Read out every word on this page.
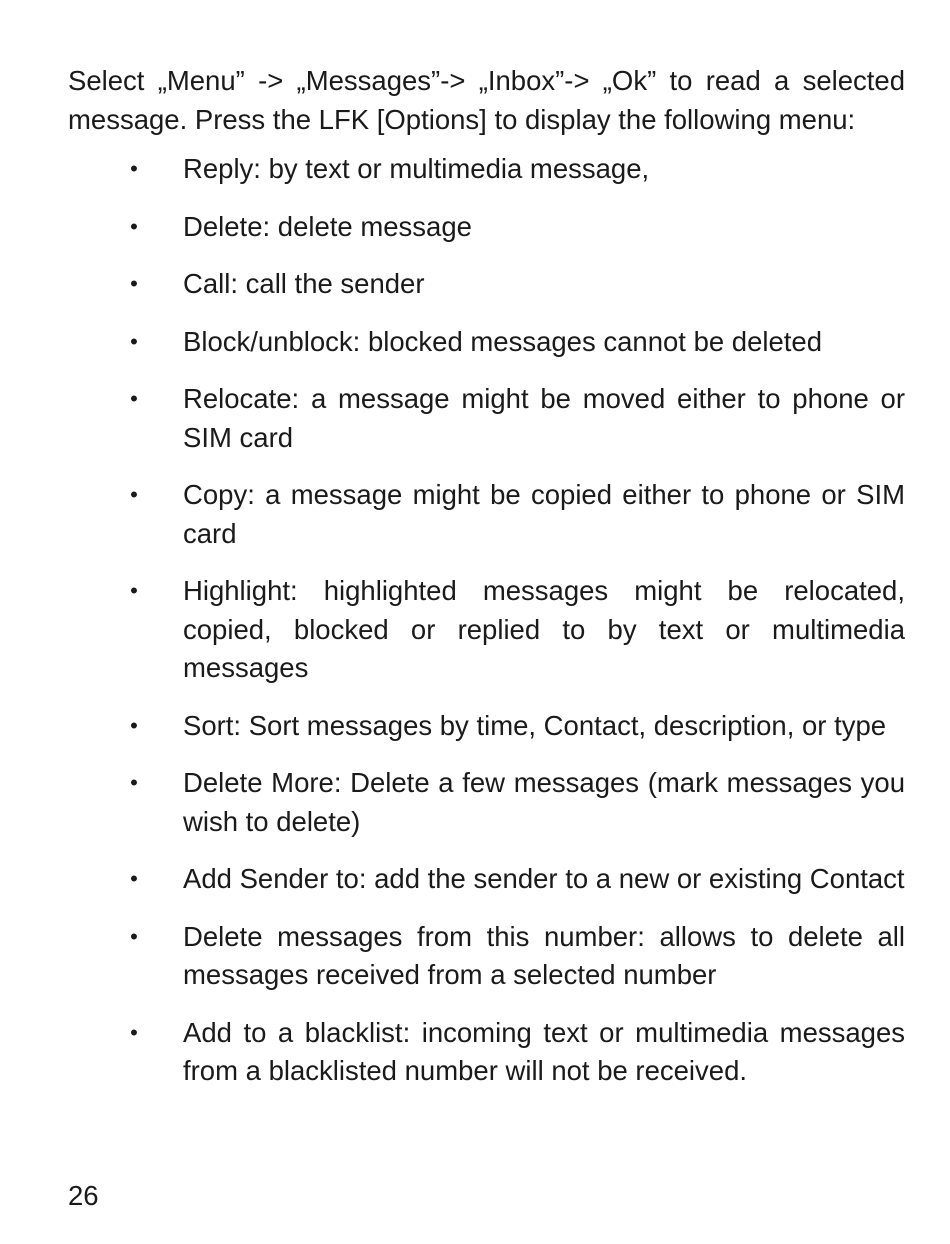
Select „Menu” -> „Messages”-> „Inbox”-> „Ok” to read a selected message. Press the LFK [Options] to display the following menu:

• Reply: by text or multimedia message,
• Delete: delete message
• Call: call the sender
• Block/unblock: blocked messages cannot be deleted
• Relocate: a message might be moved either to phone or SIM card
• Copy: a message might be copied either to phone or SIM card
• Highlight: highlighted messages might be relocated, copied, blocked or replied to by text or multimedia messages
• Sort: Sort messages by time, Contact, description, or type
• Delete More: Delete a few messages (mark messages you wish to delete)
• Add Sender to: add the sender to a new or existing Contact
• Delete messages from this number: allows to delete all messages received from a selected number
• Add to a blacklist: incoming text or multimedia messages from a blacklisted number will not be received.
26
